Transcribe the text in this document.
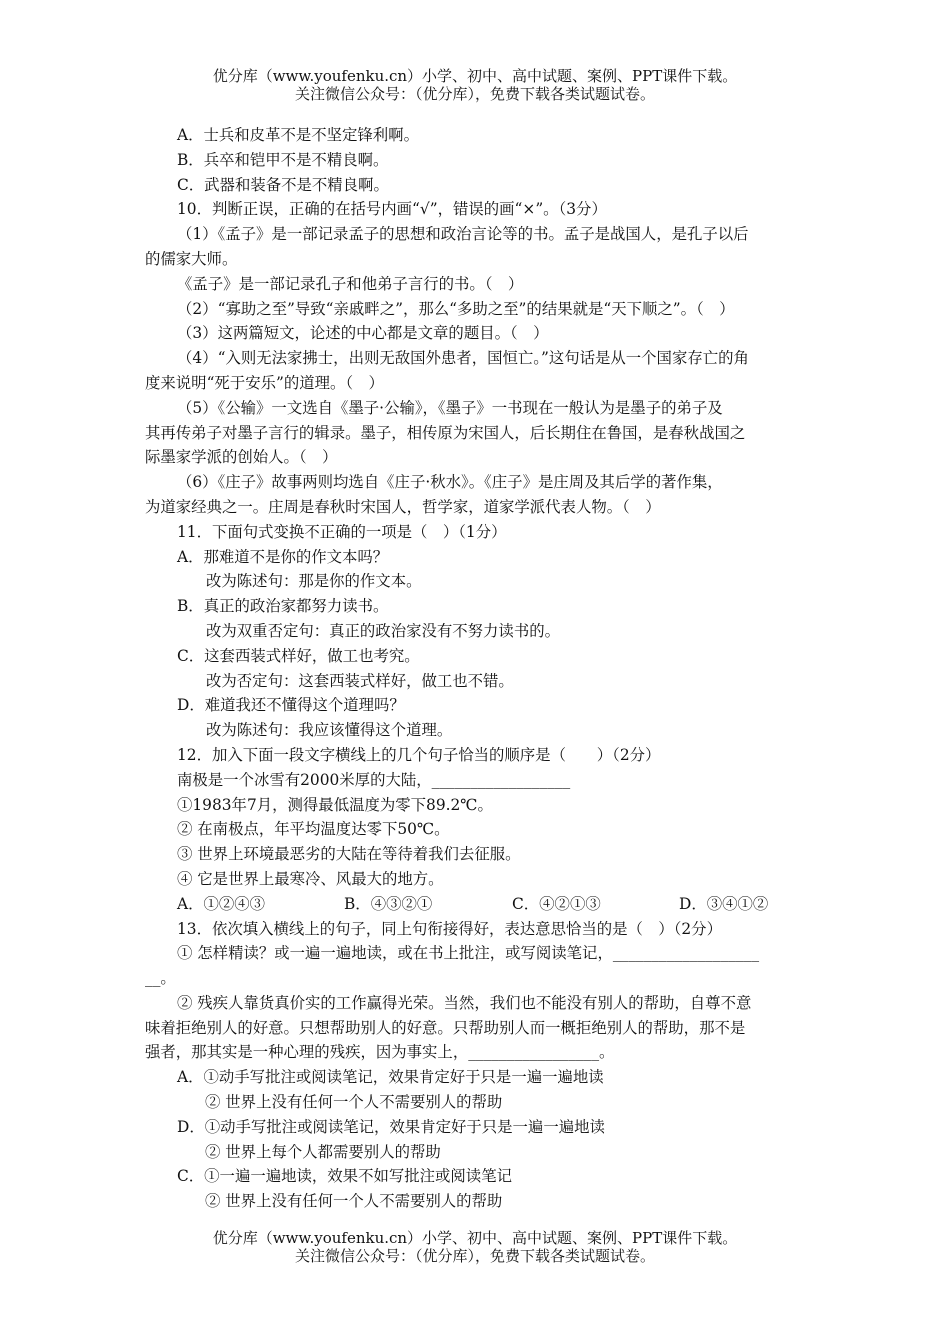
优分库（www.youfenku.cn）小学、初中、高中试题、案例、PPT课件下载。
关注微信公众号：（优分库），免费下载各类试题试卷。
A．士兵和皮革不是不坚定锋利啊。
B．兵卒和铠甲不是不精良啊。
C．武器和装备不是不精良啊。
10．判断正误，正确的在括号内画“√”，错误的画“×”。（3分）
（1）《孟子》是一部记录孟子的思想和政治言论等的书。孟子是战国人，是孔子以后
的儒家大师。
《孟子》是一部记录孔子和他弟子言行的书。（　）
（2）“寡助之至”导致“亲戚畔之”，那么“多助之至”的结果就是“天下顺之”。（　）
（3）这两篇短文，论述的中心都是文章的题目。（　）
（4）“入则无法家拂士，出则无敌国外患者，国恒亡。”这句话是从一个国家存亡的角
度来说明“死于安乐”的道理。（　）
（5）《公输》一文选自《墨子·公输》，《墨子》一书现在一般认为是墨子的弟子及
其再传弟子对墨子言行的辑录。墨子，相传原为宋国人，后长期住在鲁国，是春秋战国之
际墨家学派的创始人。（　）
（6）《庄子》故事两则均选自《庄子·秋水》。《庄子》是庄周及其后学的著作集，
为道家经典之一。庄周是春秋时宋国人，哲学家，道家学派代表人物。（　）
11．下面句式变换不正确的一项是（　）（1分）
A．那难道不是你的作文本吗？
改为陈述句：那是你的作文本。
B．真正的政治家都努力读书。
改为双重否定句：真正的政治家没有不努力读书的。
C．这套西装式样好，做工也考究。
改为否定句：这套西装式样好，做工也不错。
D．难道我还不懂得这个道理吗？
改为陈述句：我应该懂得这个道理。
12．加入下面一段文字横线上的几个句子恰当的顺序是（　　）（2分）
南极是一个冰雪有2000米厚的大陆，__________________
①1983年7月，测得最低温度为零下89.2℃。
② 在南极点，年平均温度达零下50℃。
③ 世界上环境最恶劣的大陆在等待着我们去征服。
④ 它是世界上最寒冷、风最大的地方。
A．①②④③	B．④③②①	C．④②①③	D．③④①②
13．依次填入横线上的句子，同上句衔接得好，表达意思恰当的是（　）（2分）
① 怎样精读？或一遍一遍地读，或在书上批注，或写阅读笔记，___________________
__。
② 残疾人靠货真价实的工作赢得光荣。当然，我们也不能没有别人的帮助，自尊不意
味着拒绝别人的好意。只想帮助别人的好意。只帮助别人而一概拒绝别人的帮助，那不是
强者，那其实是一种心理的残疾，因为事实上，_________________。
A．①动手写批注或阅读笔记，效果肯定好于只是一遍一遍地读
② 世界上没有任何一个人不需要别人的帮助
D．①动手写批注或阅读笔记，效果肯定好于只是一遍一遍地读
② 世界上每个人都需要别人的帮助
C．①一遍一遍地读，效果不如写批注或阅读笔记
② 世界上没有任何一个人不需要别人的帮助
优分库（www.youfenku.cn）小学、初中、高中试题、案例、PPT课件下载。
关注微信公众号：（优分库），免费下载各类试题试卷。
